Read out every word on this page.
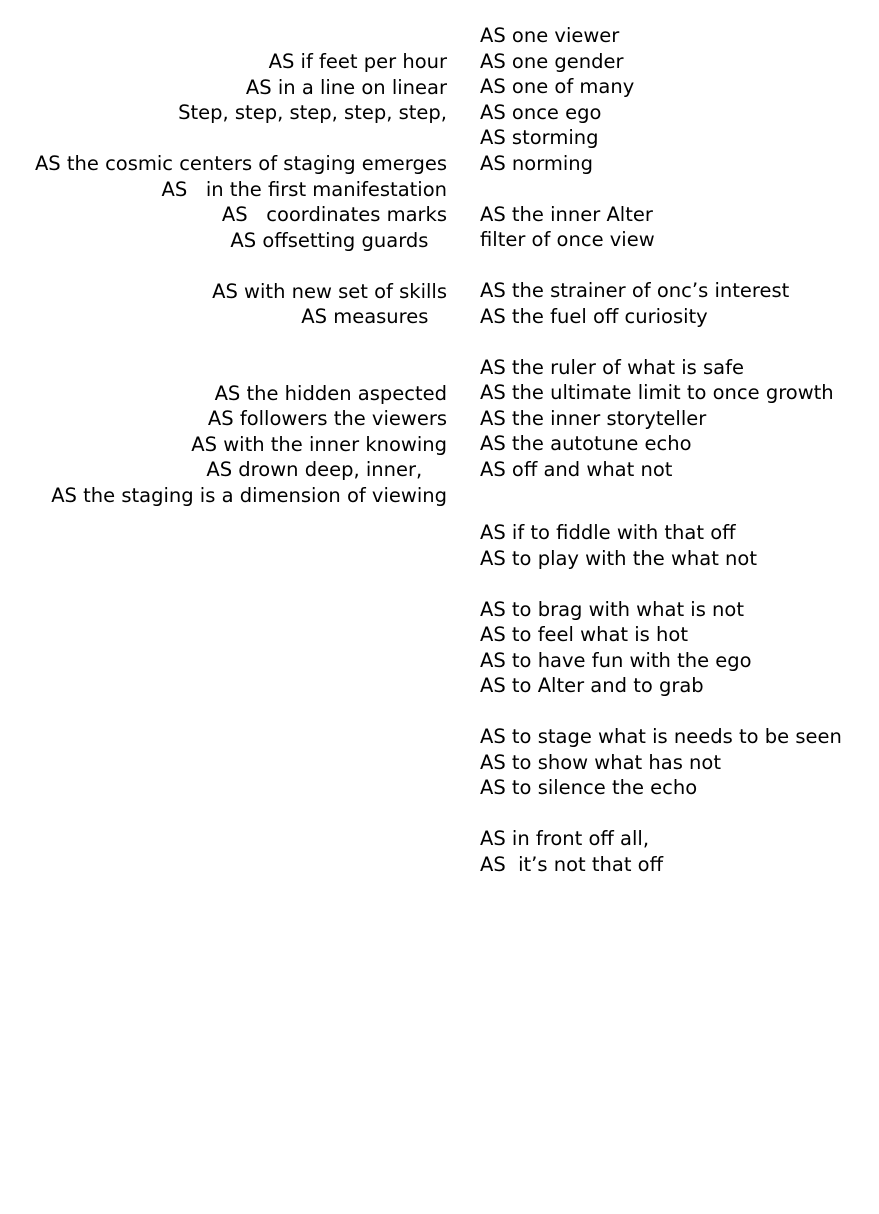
AS if feet per hour
AS in a line on linear
Step, step, step, step, step,
AS the cosmic centers of staging emerges
AS   in the first manifestation
AS   coordinates marks
AS offsetting guards
AS with new set of skills
AS measures
AS the hidden aspected
AS followers the viewers
AS with the inner knowing
AS drown deep, inner,
AS the staging is a dimension of viewing
AS one viewer
AS one gender
AS one of many
AS once ego
AS storming
AS norming
AS the inner Alter
filter of once view
AS the strainer of onc’s interest
AS the fuel off curiosity
AS the ruler of what is safe
AS the ultimate limit to once growth
AS the inner storyteller
AS the autotune echo
AS off and what not
AS if to fiddle with that off
AS to play with the what not
AS to brag with what is not
AS to feel what is hot
AS to have fun with the ego
AS to Alter and to grab
AS to stage what is needs to be seen
AS to show what has not
AS to silence the echo
AS in front off all,
AS  it’s not that off
